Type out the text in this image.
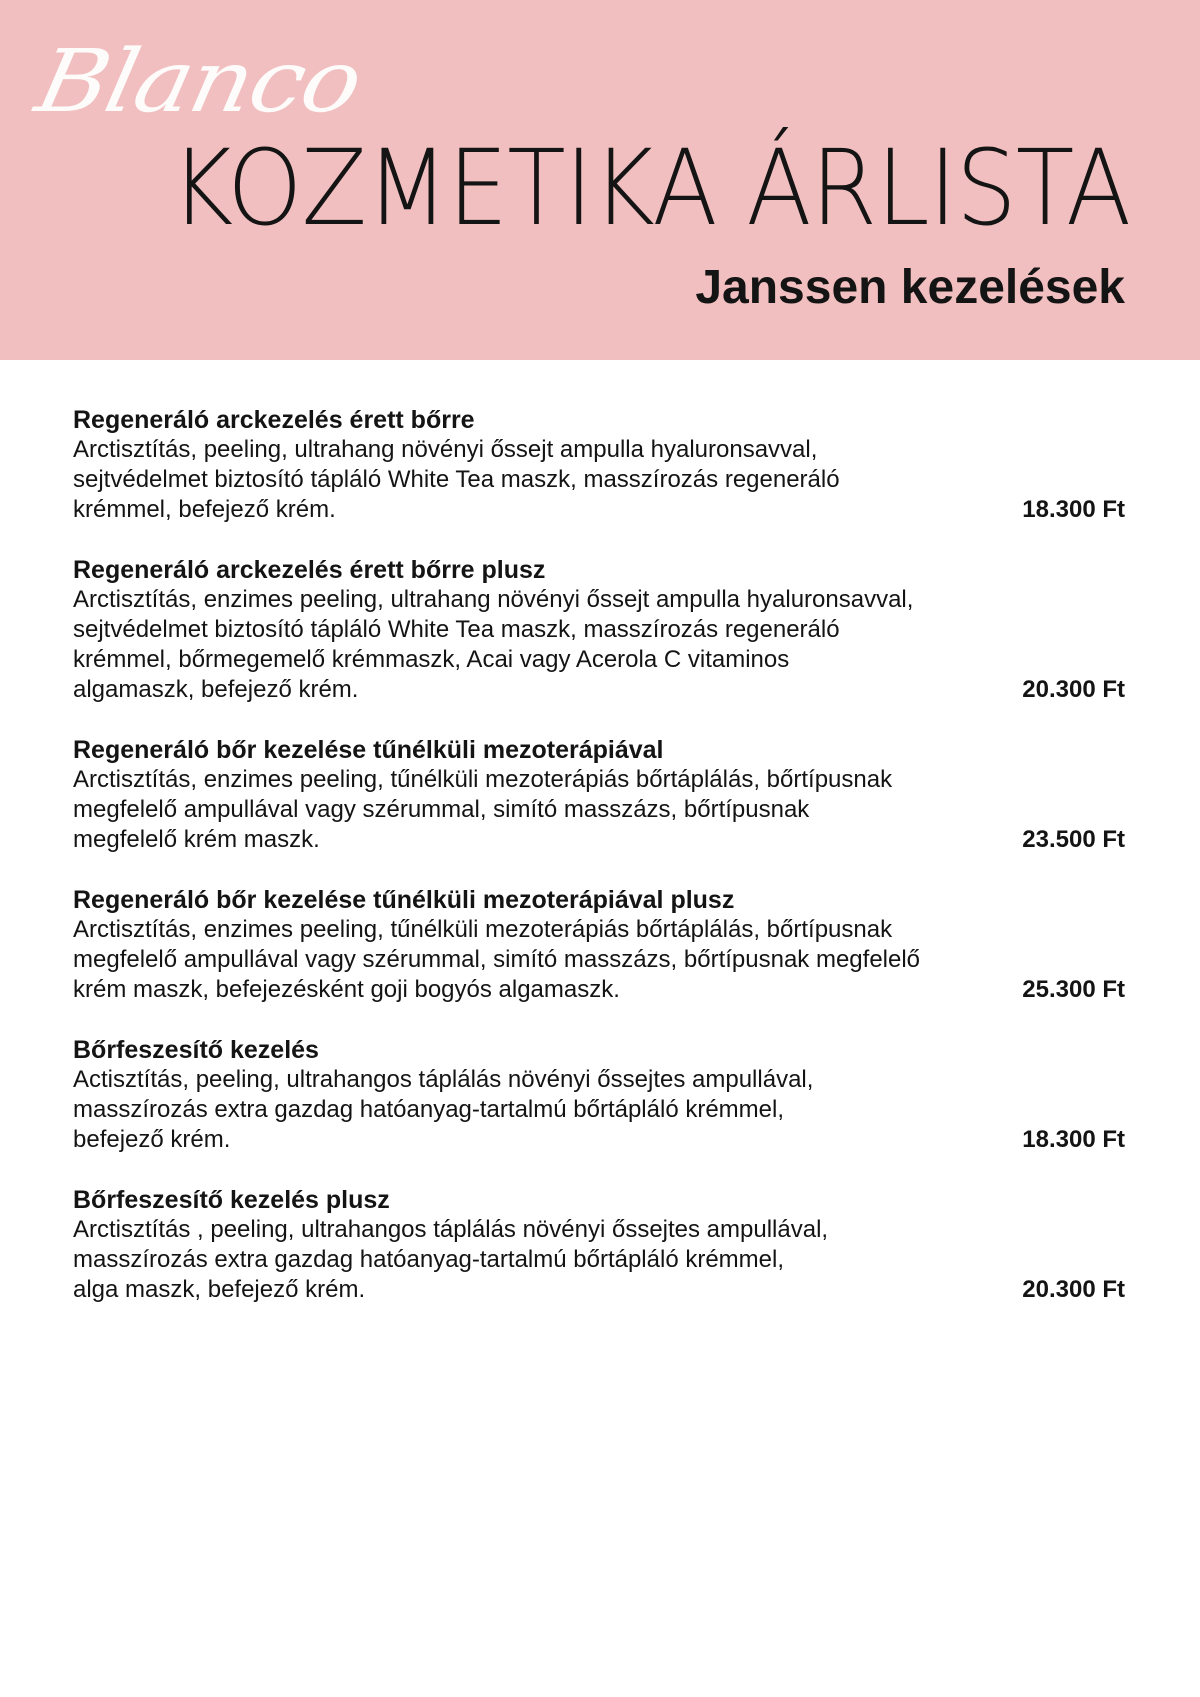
Blanco
KOZMETIKA ÁRLISTA
Janssen kezelések
Regeneráló arckezelés érett bőrre
Arctisztítás, peeling, ultrahang növényi őssejt ampulla hyaluronsavval,
sejtvédelmet biztosító tápláló White Tea maszk, masszírozás regeneráló
krémmel, befejező krém.	18.300 Ft
Regeneráló arckezelés érett bőrre plusz
Arctisztítás, enzimes peeling, ultrahang növényi őssejt ampulla hyaluronsavval,
sejtvédelmet biztosító tápláló White Tea maszk, masszírozás regeneráló
krémmel, bőrmegemelő krémmaszk, Acai vagy Acerola C vitaminos
algamaszk, befejező krém.	20.300 Ft
Regeneráló bőr kezelése tűnélküli mezoterápiával
Arctisztítás, enzimes peeling, tűnélküli mezoterápiás bőrtáplálás, bőrtípusnak
megfelelő ampullával vagy szérummal, simító masszázs, bőrtípusnak
megfelelő krém maszk.	23.500 Ft
Regeneráló bőr kezelése tűnélküli mezoterápiával plusz
Arctisztítás, enzimes peeling, tűnélküli mezoterápiás bőrtáplálás, bőrtípusnak
megfelelő ampullával vagy szérummal, simító masszázs, bőrtípusnak megfelelő
krém maszk, befejezésként goji bogyós algamaszk.	25.300 Ft
Bőrfeszesítő kezelés
Actisztítás, peeling, ultrahangos táplálás növényi őssejtes ampullával,
masszírozás extra gazdag hatóanyag-tartalmú bőrtápláló krémmel,
befejező krém.	18.300 Ft
Bőrfeszesítő kezelés plusz
Arctisztítás , peeling, ultrahangos táplálás növényi őssejtes ampullával,
masszírozás extra gazdag hatóanyag-tartalmú bőrtápláló krémmel,
alga maszk, befejező krém.	20.300 Ft
